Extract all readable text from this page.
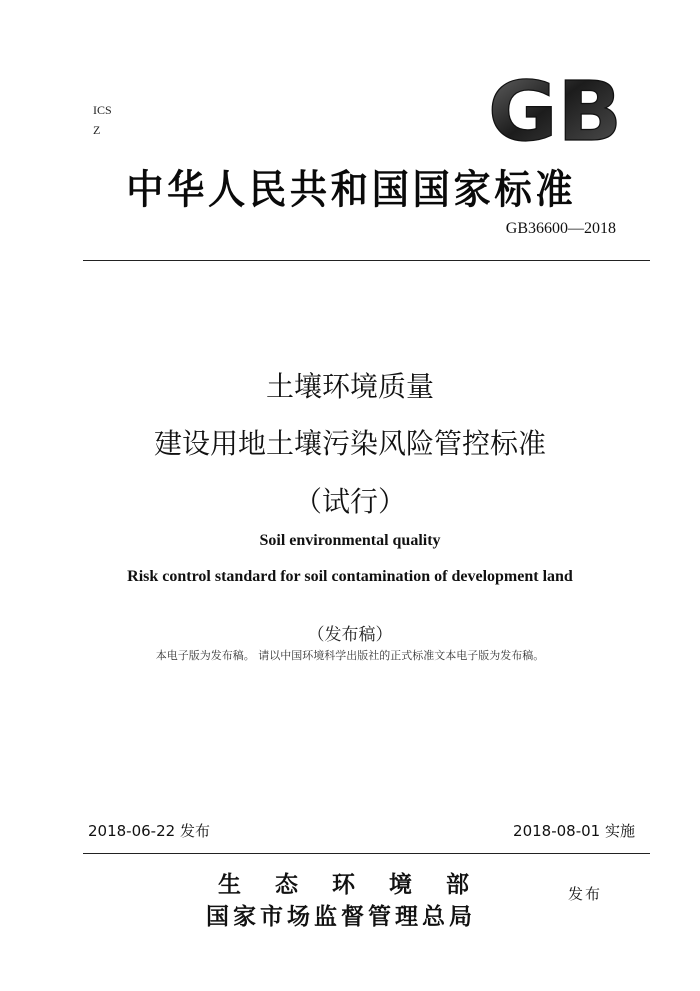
ICS
Z	GB
中华人民共和国国家标准
GB36600—2018
土壤环境质量
建设用地土壤污染风险管控标准
（试行）
Soil environmental quality
Risk control standard for soil contamination of development land
（发布稿）
本电子版为发布稿。 请以中国环境科学出版社的正式标准文本电子版为发布稿。
2018-06-22 发布	2018-08-01 实施
生态环境部
国家市场监督管理总局
发布
